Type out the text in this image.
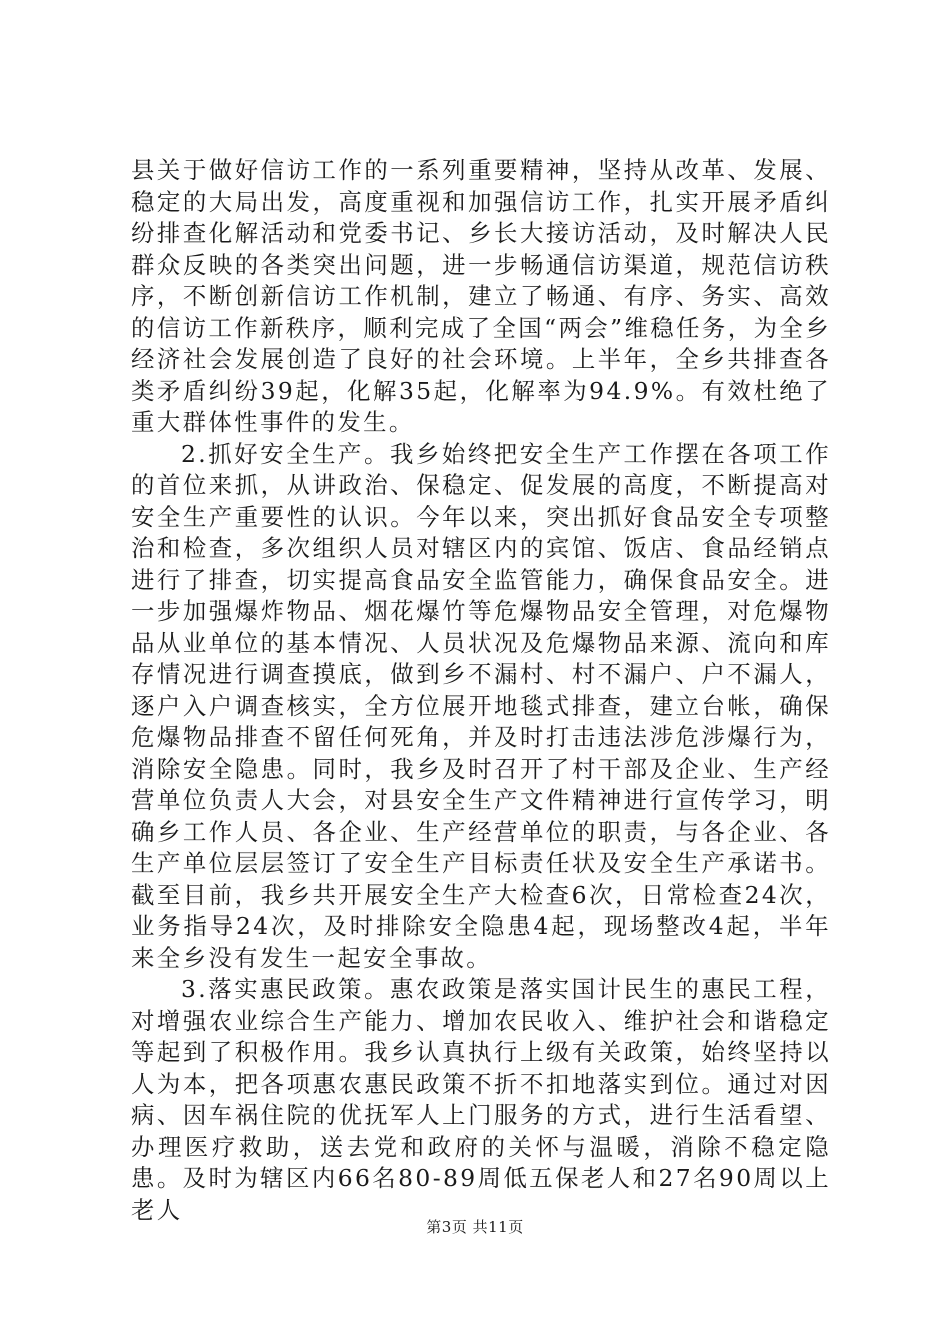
县关于做好信访工作的一系列重要精神，坚持从改革、发展、稳定的大局出发，高度重视和加强信访工作，扎实开展矛盾纠纷排查化解活动和党委书记、乡长大接访活动，及时解决人民群众反映的各类突出问题，进一步畅通信访渠道，规范信访秩序，不断创新信访工作机制，建立了畅通、有序、务实、高效的信访工作新秩序，顺利完成了全国“两会”维稳任务，为全乡经济社会发展创造了良好的社会环境。上半年，全乡共排查各类矛盾纠纷39起，化解35起，化解率为94.9%。有效杜绝了重大群体性事件的发生。

2.抓好安全生产。我乡始终把安全生产工作摆在各项工作的首位来抓，从讲政治、保稳定、促发展的高度，不断提高对安全生产重要性的认识。今年以来，突出抓好食品安全专项整治和检查，多次组织人员对辖区内的宾馆、饭店、食品经销点进行了排查，切实提高食品安全监管能力，确保食品安全。进一步加强爆炸物品、烟花爆竹等危爆物品安全管理，对危爆物品从业单位的基本情况、人员状况及危爆物品来源、流向和库存情况进行调查摸底，做到乡不漏村、村不漏户、户不漏人，逐户入户调查核实，全方位展开地毯式排查，建立台帐，确保危爆物品排查不留任何死角，并及时打击违法涉危涉爆行为，消除安全隐患。同时，我乡及时召开了村干部及企业、生产经营单位负责人大会，对县安全生产文件精神进行宣传学习，明确乡工作人员、各企业、生产经营单位的职责，与各企业、各生产单位层层签订了安全生产目标责任状及安全生产承诺书。截至目前，我乡共开展安全生产大检查6次，日常检查24次，业务指导24次，及时排除安全隐患4起，现场整改4起，半年来全乡没有发生一起安全事故。

3.落实惠民政策。惠农政策是落实国计民生的惠民工程，对增强农业综合生产能力、增加农民收入、维护社会和谐稳定等起到了积极作用。我乡认真执行上级有关政策，始终坚持以人为本，把各项惠农惠民政策不折不扣地落实到位。通过对因病、因车祸住院的优抚军人上门服务的方式，进行生活看望、办理医疗救助，送去党和政府的关怀与温暖，消除不稳定隐患。及时为辖区内66名80-89周低五保老人和27名90周以上老人

第3页 共11页
